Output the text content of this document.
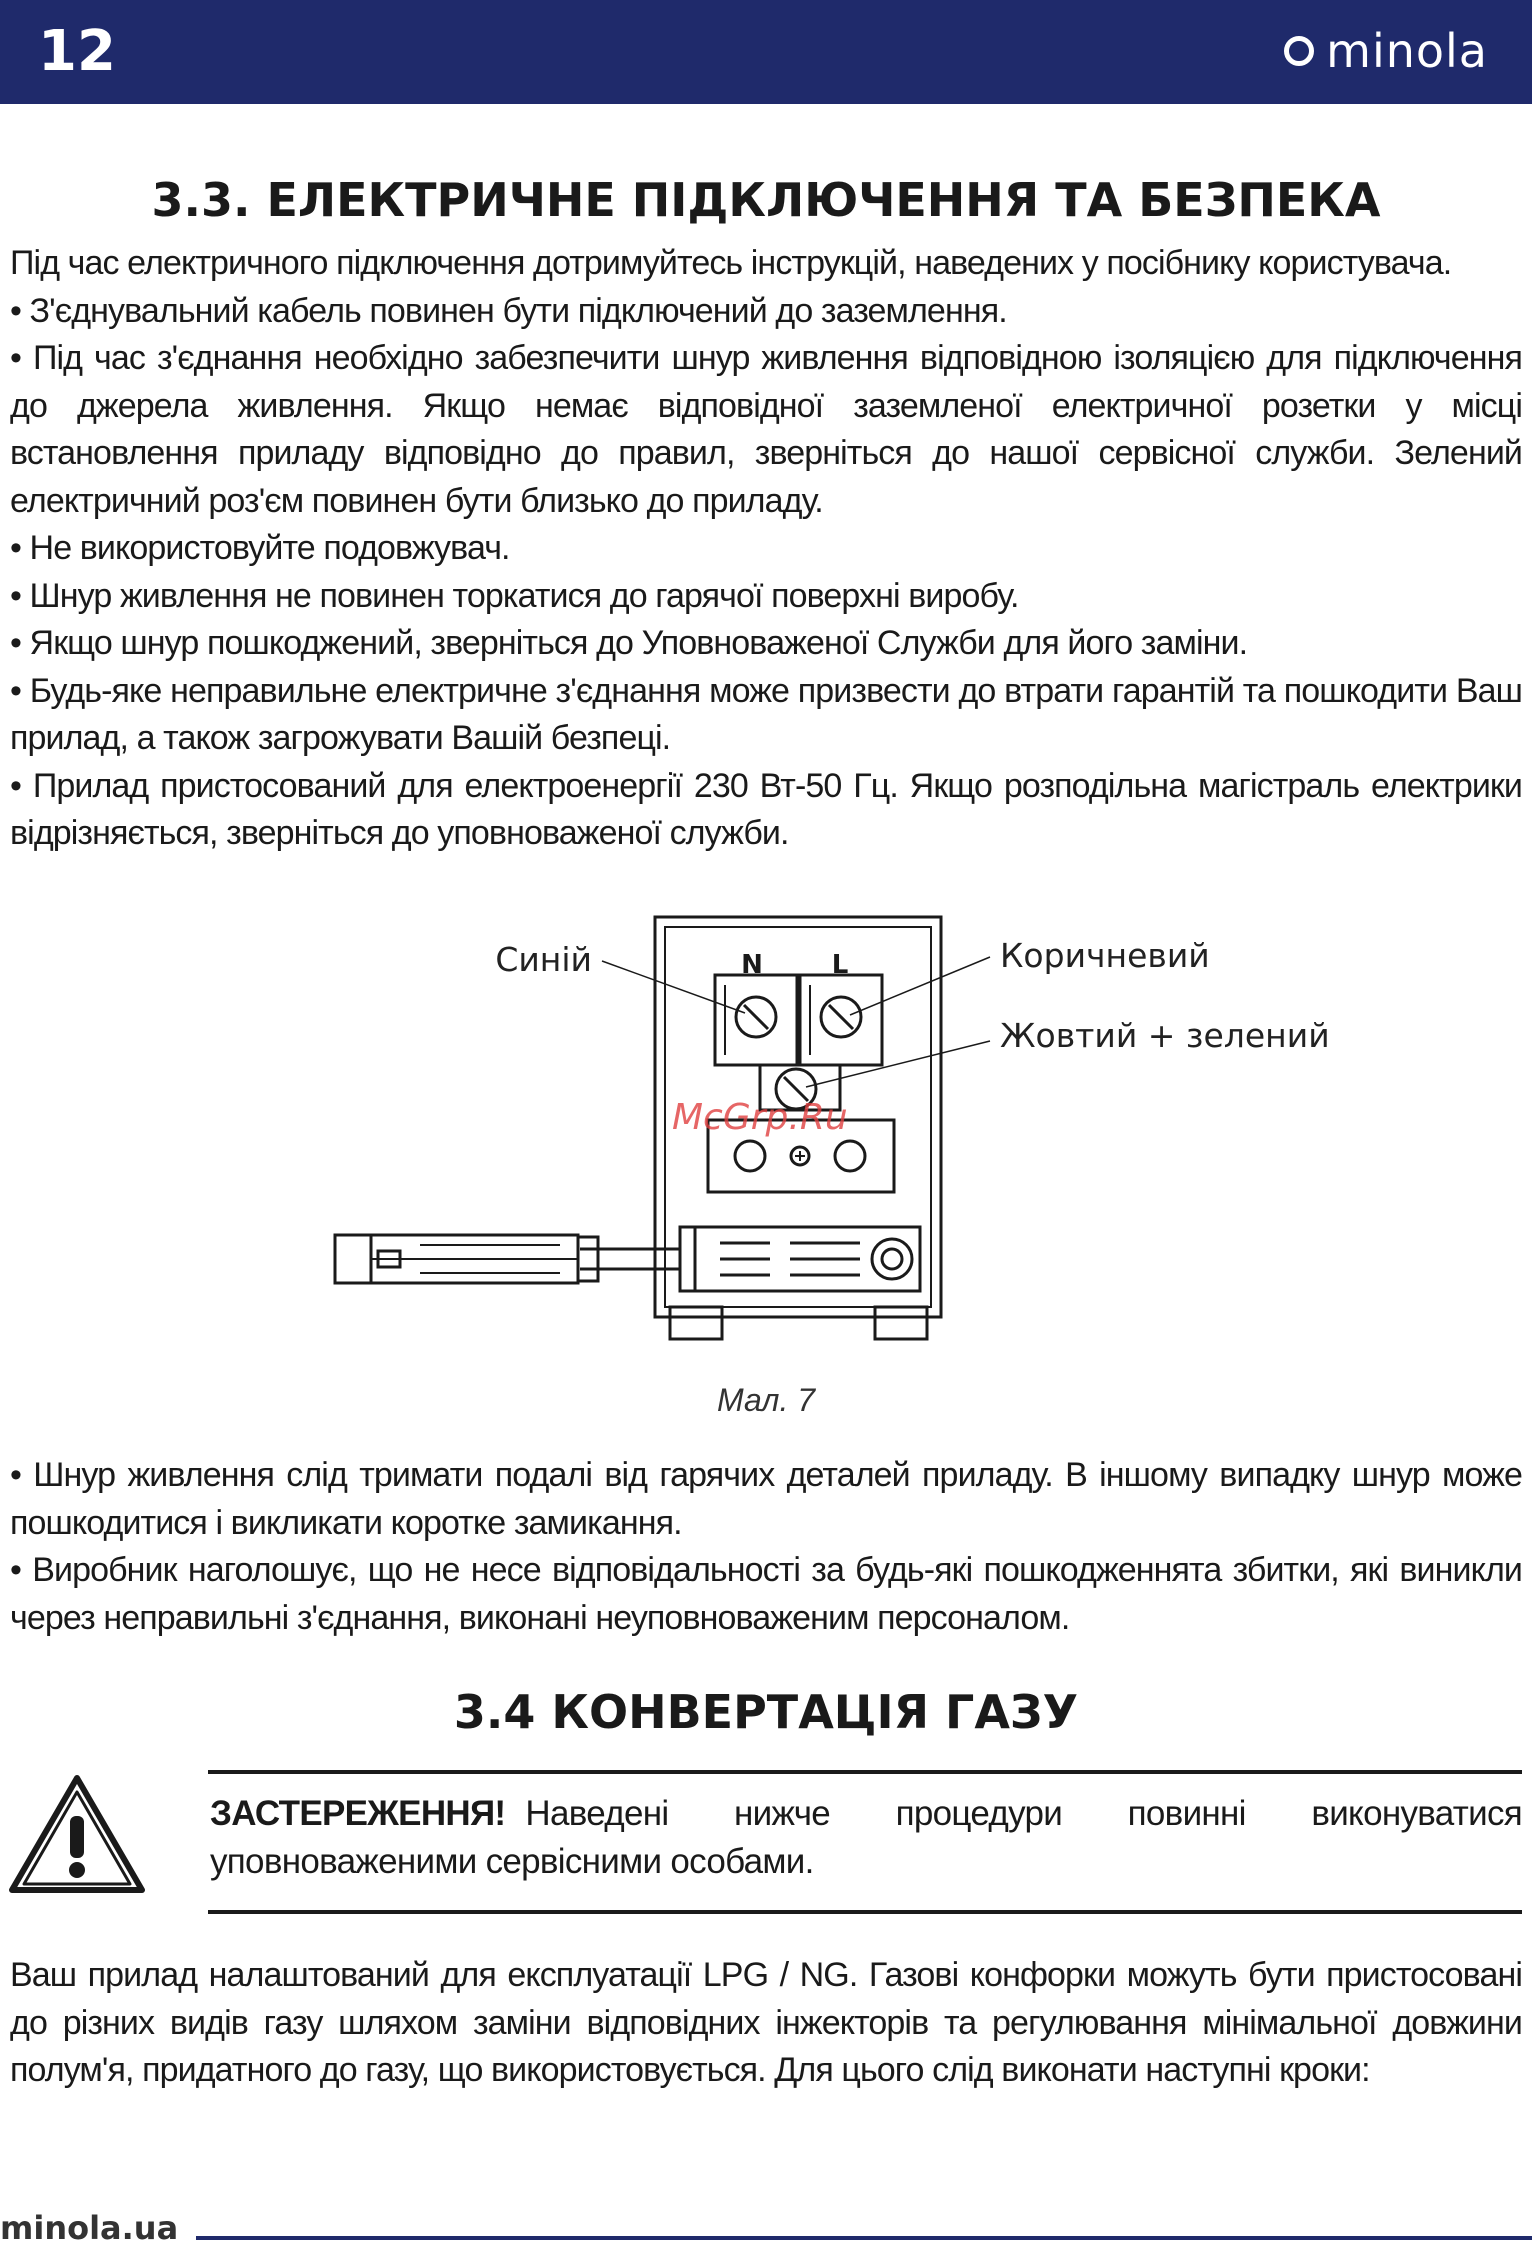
12	minola
3.3. ЕЛЕКТРИЧНЕ ПІДКЛЮЧЕННЯ ТА БЕЗПЕКА

Під час електричного підключення дотримуйтесь інструкцій, наведених у посібнику користувача.

• З'єднувальний кабель повинен бути підключений до заземлення.

• Під час з'єднання необхідно забезпечити шнур живлення відповідною ізоляцією для підключення до джерела живлення. Якщо немає відповідної заземленої електричної розетки у місці встановлення приладу відповідно до правил, зверніться до нашої сервісної служби. Зелений електричний роз'єм повинен бути близько до приладу.

• Не використовуйте подовжувач.

• Шнур живлення не повинен торкатися до гарячої поверхні виробу.

• Якщо шнур пошкоджений, зверніться до Уповноваженої Служби для його заміни.

• Будь-яке неправильне електричне з'єднання може призвести до втрати гарантій та пошкодити Ваш прилад, а також загрожувати Вашій безпеці.

• Прилад пристосований для електроенергії 230 Вт-50 Гц. Якщо розподільна магістраль електрики відрізняється, зверніться до уповноваженої служби.

N	L
Синій	Коричневий
Жовтий + зелений
McGrp.Ru
Мал. 7

• Шнур живлення слід тримати подалі від гарячих деталей приладу. В іншому випадку шнур може пошкодитися і викликати коротке замикання.

• Виробник наголошує, що не несе відповідальності за будь-які пошкодженнята збитки, які виникли через неправильні з'єднання, виконані неуповноваженим персоналом.

3.4 КОНВЕРТАЦІЯ ГАЗУ
ЗАСТЕРЕЖЕННЯ! Наведені нижче процедури повинні виконуватися уповноваженими сервісними особами.

Ваш прилад налаштований для експлуатації LPG / NG. Газові конфорки можуть бути пристосовані до різних видів газу шляхом заміни відповідних інжекторів та регулювання мінімальної довжини полум'я, придатного до газу, що використовується. Для цього слід виконати наступні кроки:

minola.ua
